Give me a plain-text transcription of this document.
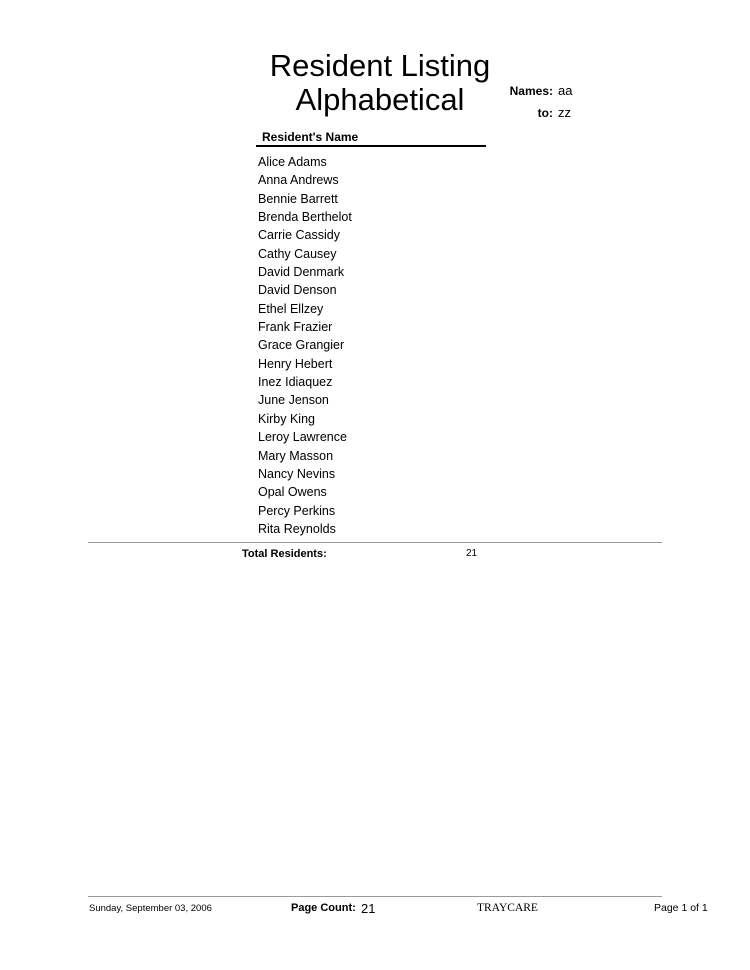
Resident Listing
Alphabetical	Names: aa
to: zz
Resident's Name
Alice Adams
Anna Andrews
Bennie Barrett
Brenda Berthelot
Carrie Cassidy
Cathy Causey
David Denmark
David Denson
Ethel Ellzey
Frank Frazier
Grace Grangier
Henry Hebert
Inez Idiaquez
June Jenson
Kirby King
Leroy Lawrence
Mary Masson
Nancy Nevins
Opal Owens
Percy Perkins
Rita Reynolds
Total Residents:	21
Sunday, September 03, 2006	Page Count: 21	TRAYCARE	Page 1 of 1
